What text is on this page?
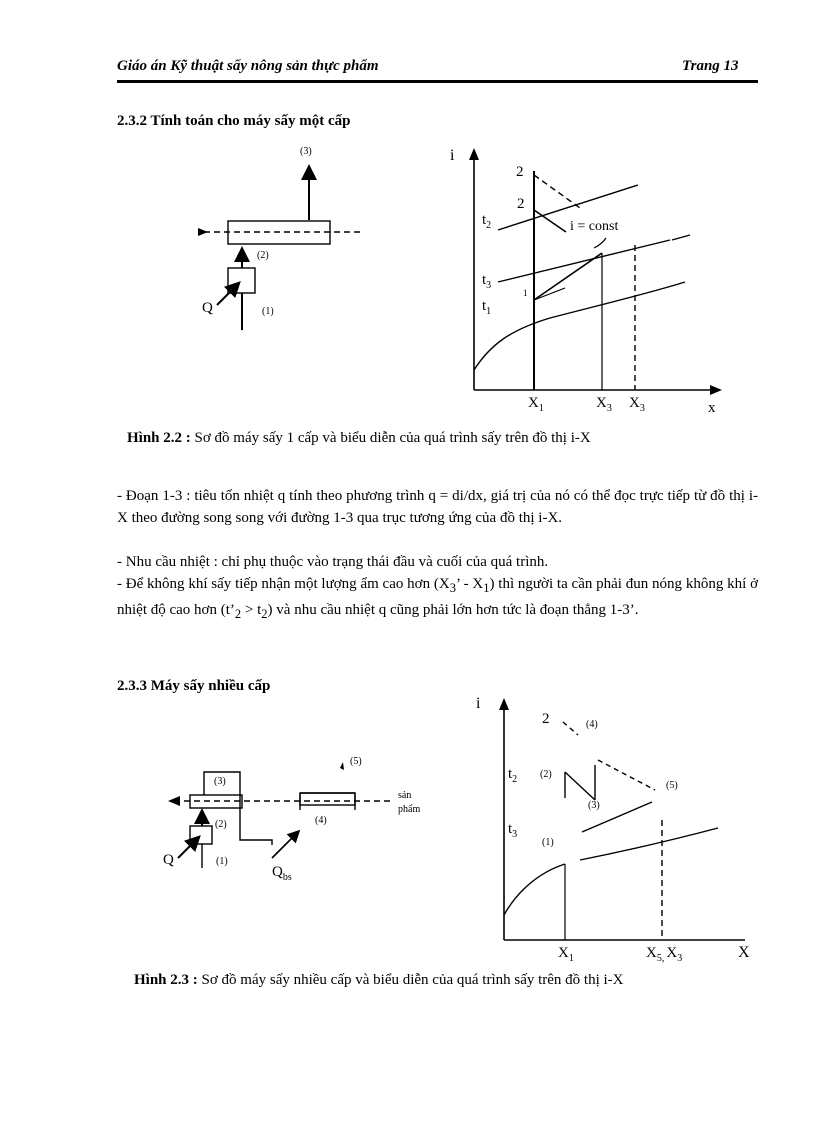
Giáo án Kỹ thuật sấy nông sản thực phẩm	Trang 13
2.3.2 Tính toán cho máy sấy một cấp
(3)
(2)
Q	(1)
i
x
2
2
i = const
$t_2$
$t_3$
$t_1$
1
$X_1$	$X_3$ $X_3$
Hình 2.2 : Sơ đồ máy sấy 1 cấp và biểu diễn của quá trình sấy trên đồ thị i-X
- Đoạn 1-3 : tiêu tốn nhiệt q tính theo phương trình q = di/dx, giá trị của nó có thể đọc trực tiếp từ đồ thị i-X theo đường song song với đường 1-3 qua trục tương ứng của đồ thị i-X.
- Nhu cầu nhiệt : chỉ phụ thuộc vào trạng thái đầu và cuối của quá trình.
- Để không khí sấy tiếp nhận một lượng ẩm cao hơn ($X_3$’ - $X_1$) thì người ta cần phải đun nóng không khí ở nhiệt độ cao hơn $(t’_2 > t_2)$ và nhu cầu nhiệt q cũng phải lớn hơn tức là đoạn thẳng 1-3’.
2.3.3 Máy sấy nhiều cấp
(3)
(2)	(4)
(5)
Q	(1)
$Q_{bs}$
sản
phẩm
i
X
2	(4)
$t_2$ (2)
(3)
(5)
$t_3$
(1)
$X_1$	$X_{5,}$ $X_3$
Hình 2.3 : Sơ đồ máy sấy nhiều cấp và biểu diễn của quá trình sấy trên đồ thị i-X
